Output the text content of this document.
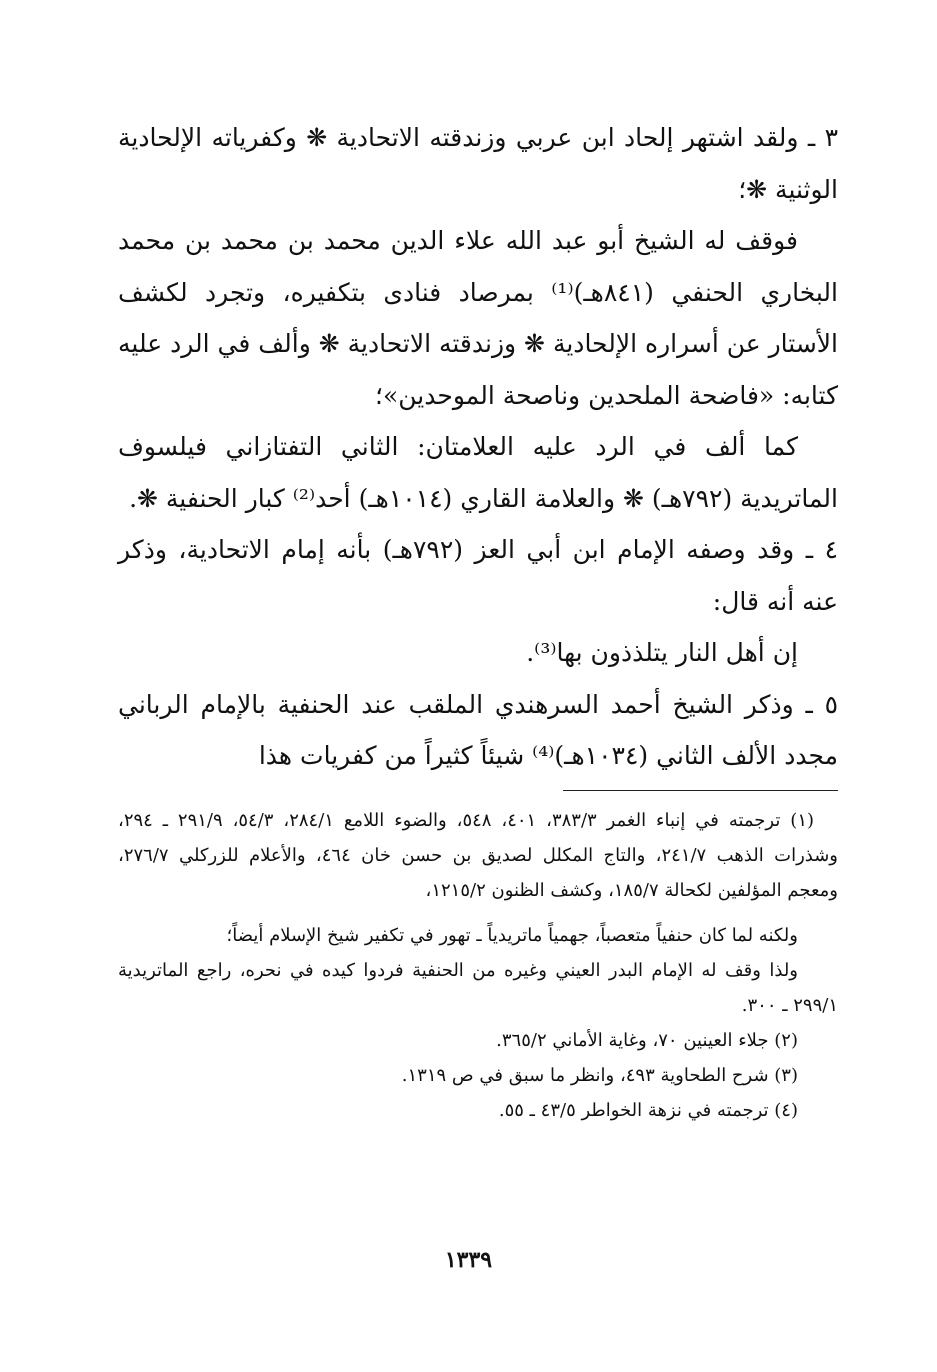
٣ ـ ولقد اشتهر إلحاد ابن عربي وزندقته الاتحادية ❋ وكفرياته الإلحادية الوثنية ❋؛

فوقف له الشيخ أبو عبد الله علاء الدين محمد بن محمد بن محمد البخاري الحنفي (٨٤١هـ)⁽¹⁾ بمرصاد فنادى بتكفيره، وتجرد لكشف الأستار عن أسراره الإلحادية ❋ وزندقته الاتحادية ❋ وألف في الرد عليه كتابه: «فاضحة الملحدين وناصحة الموحدين»؛

كما ألف في الرد عليه العلامتان: الثاني التفتازاني فيلسوف الماتريدية (٧٩٢هـ) ❋ والعلامة القاري (١٠١٤هـ) أحد⁽²⁾ كبار الحنفية ❋.

٤ ـ وقد وصفه الإمام ابن أبي العز (٧٩٢هـ) بأنه إمام الاتحادية، وذكر عنه أنه قال:

إن أهل النار يتلذذون بها⁽³⁾.

٥ ـ وذكر الشيخ أحمد السرهندي الملقب عند الحنفية بالإمام الرباني مجدد الألف الثاني (١٠٣٤هـ)⁽⁴⁾ شيئاً كثيراً من كفريات هذا

(١) ترجمته في إنباء الغمر ٣٨٣/٣، ٤٠١، ٥٤٨، والضوء اللامع ٢٨٤/١، ٥٤/٣، ٢٩١/٩ ـ ٢٩٤، وشذرات الذهب ٢٤١/٧، والتاج المكلل لصديق بن حسن خان ٤٦٤، والأعلام للزركلي ٢٧٦/٧، ومعجم المؤلفين لكحالة ١٨٥/٧، وكشف الظنون ١٢١٥/٢،

ولكنه لما كان حنفياً متعصباً، جهمياً ماتريدياً ـ تهور في تكفير شيخ الإسلام أيضاً؛

ولذا وقف له الإمام البدر العيني وغيره من الحنفية فردوا كيده في نحره، راجع الماتريدية ٢٩٩/١ ـ ٣٠٠.

(٢) جلاء العينين ٧٠، وغاية الأماني ٣٦٥/٢.

(٣) شرح الطحاوية ٤٩٣، وانظر ما سبق في ص ١٣١٩.

(٤) ترجمته في نزهة الخواطر ٤٣/٥ ـ ٥٥.

١٣٣٩
